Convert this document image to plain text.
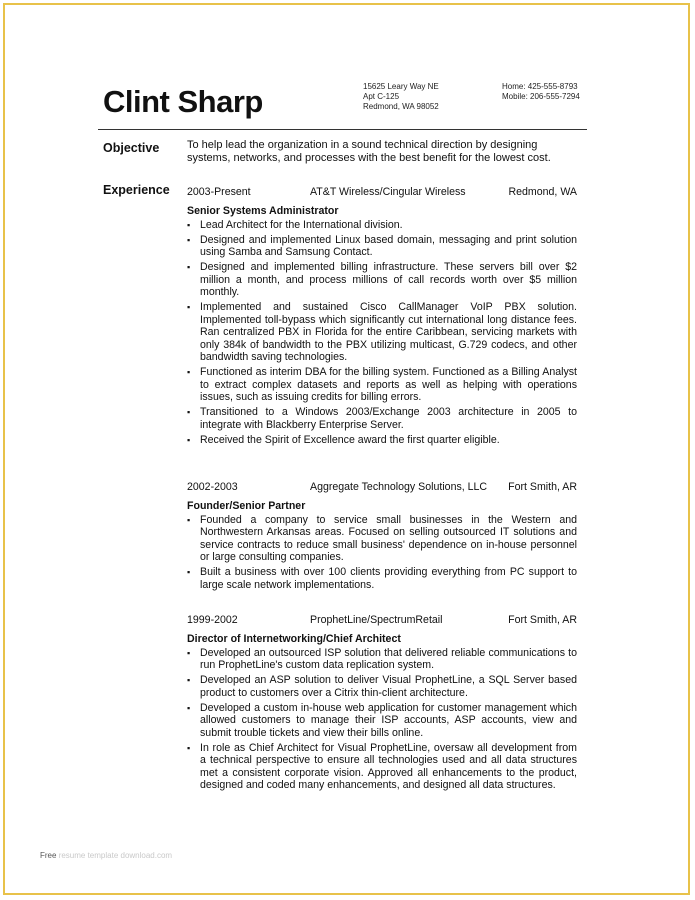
Clint Sharp	15625 Leary Way NE
Apt C-125
Redmond, WA 98052
Home: 425-555-8793
Mobile: 206-555-7294
Objective	To help lead the organization in a sound technical direction by designing systems, networks, and processes with the best benefit for the lowest cost.
Experience 2003-Present	AT&T Wireless/Cingular Wireless	Redmond, WA
Senior Systems Administrator
▪ Lead Architect for the International division.
▪ Designed and implemented Linux based domain, messaging and print solution using Samba and Samsung Contact.
▪ Designed and implemented billing infrastructure. These servers bill over $2 million a month, and process millions of call records worth over $5 million monthly.
▪ Implemented and sustained Cisco CallManager VoIP PBX solution. Implemented toll-bypass which significantly cut international long distance fees. Ran centralized PBX in Florida for the entire Caribbean, servicing markets with only 384k of bandwidth to the PBX utilizing multicast, G.729 codecs, and other bandwidth saving technologies.
▪ Functioned as interim DBA for the billing system. Functioned as a Billing Analyst to extract complex datasets and reports as well as helping with operations issues, such as issuing credits for billing errors.
▪ Transitioned to a Windows 2003/Exchange 2003 architecture in 2005 to integrate with Blackberry Enterprise Server.
▪ Received the Spirit of Excellence award the first quarter eligible.
2002-2003	Aggregate Technology Solutions, LLC	Fort Smith, AR
Founder/Senior Partner
▪ Founded a company to service small businesses in the Western and Northwestern Arkansas areas. Focused on selling outsourced IT solutions and service contracts to reduce small business' dependence on in-house personnel or large consulting companies.
▪ Built a business with over 100 clients providing everything from PC support to large scale network implementations.
1999-2002	ProphetLine/SpectrumRetail	Fort Smith, AR
Director of Internetworking/Chief Architect
▪ Developed an outsourced ISP solution that delivered reliable communications to run ProphetLine's custom data replication system.
▪ Developed an ASP solution to deliver Visual ProphetLine, a SQL Server based product to customers over a Citrix thin-client architecture.
▪ Developed a custom in-house web application for customer management which allowed customers to manage their ISP accounts, ASP accounts, view and submit trouble tickets and view their bills online.
▪ In role as Chief Architect for Visual ProphetLine, oversaw all development from a technical perspective to ensure all technologies used and all data structures met a consistent corporate vision. Approved all enhancements to the product, designed and coded many enhancements, and designed all data structures.
Free resume template download.com
